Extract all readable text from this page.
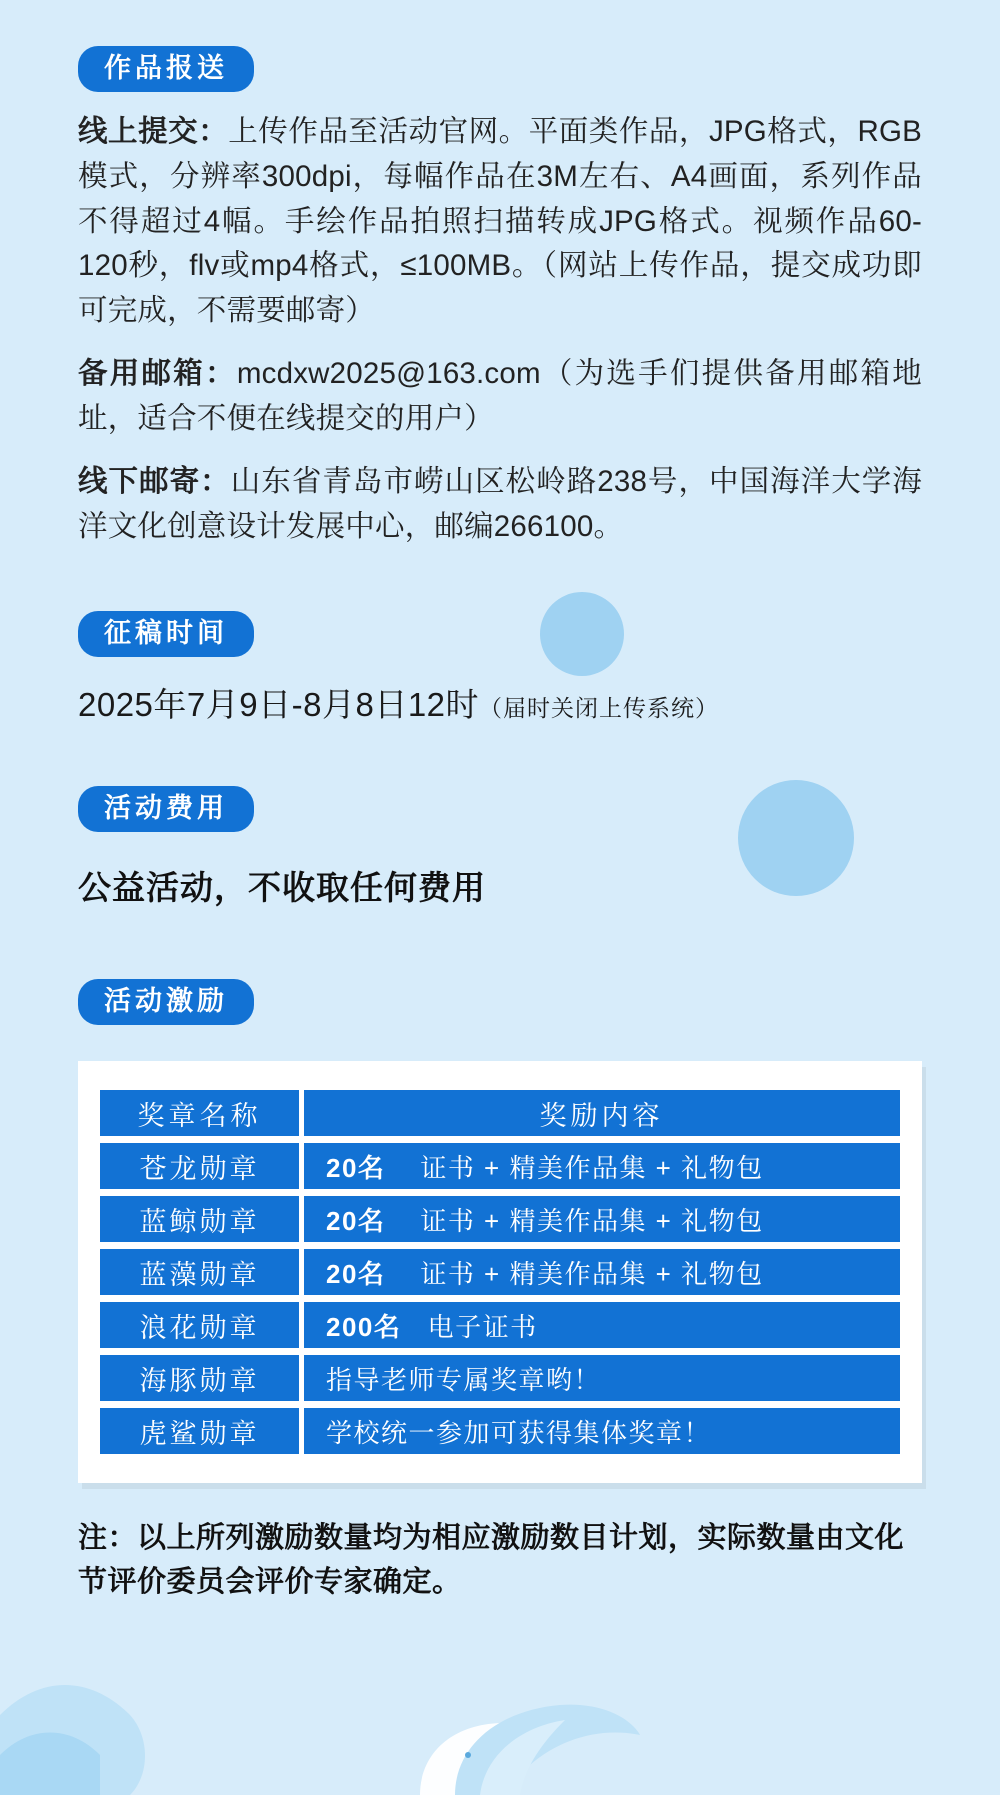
作品报送

线上提交：上传作品至活动官网。平面类作品，JPG格式，RGB模式，分辨率300dpi，每幅作品在3M左右、A4画面，系列作品不得超过4幅。手绘作品拍照扫描转成JPG格式。视频作品60-120秒，flv或mp4格式，≤100MB。（网站上传作品，提交成功即可完成，不需要邮寄）

备用邮箱：mcdxw2025@163.com（为选手们提供备用邮箱地址，适合不便在线提交的用户）

线下邮寄：山东省青岛市崂山区松岭路238号，中国海洋大学海洋文化创意设计发展中心，邮编266100。

征稿时间
2025年7月9日-8月8日12时（届时关闭上传系统）
活动费用
公益活动，不收取任何费用
活动激励
奖章名称	奖励内容
苍龙勋章	20名 证书 + 精美作品集 + 礼物包
蓝鲸勋章	20名 证书 + 精美作品集 + 礼物包
蓝藻勋章	20名 证书 + 精美作品集 + 礼物包
浪花勋章	200名 电子证书
海豚勋章	指导老师专属奖章哟！
虎鲨勋章	学校统一参加可获得集体奖章！
注：以上所列激励数量均为相应激励数目计划，实际数量由文化节评价委员会评价专家确定。
